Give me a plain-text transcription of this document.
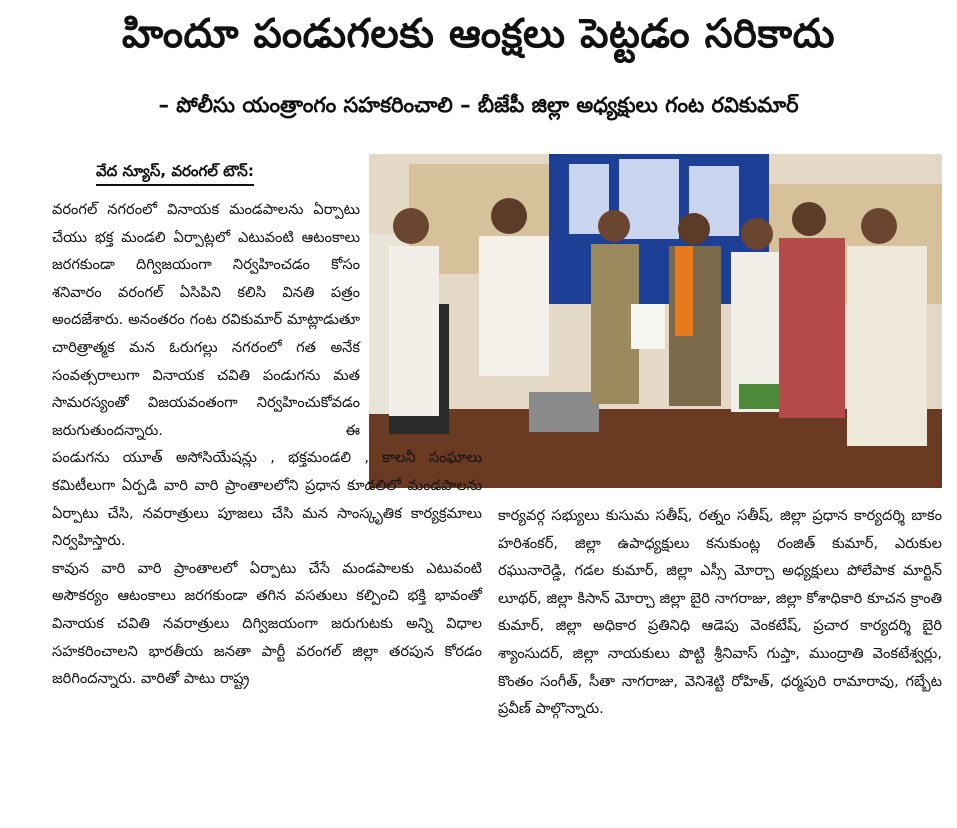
హిందూ పండుగలకు ఆంక్షలు పెట్టడం సరికాదు
– పోలీసు యంత్రాంగం సహకరించాలి – బీజేపీ జిల్లా అధ్యక్షులు గంట రవికుమార్
వేద న్యూస్, వరంగల్ టౌన్:

వరంగల్ నగరంలో వినాయక మండపాలను ఏర్పాటు చేయు భక్త మండలి ఏర్పాట్లలో ఎటువంటి ఆటంకాలు జరగకుండా దిగ్విజయంగా నిర్వహించడం కోసం శనివారం వరంగల్ ఏసిపిని కలిసి వినతి పత్రం అందజేశారు. అనంతరం గంట రవికుమార్ మాట్లాడుతూ చారిత్రాత్మక మన ఓరుగల్లు నగరంలో గత అనేక సంవత్సరాలుగా వినాయక చవితి పండుగను మత సామరస్యంతో విజయవంతంగా నిర్వహించుకోవడం జరుగుతుందన్నారు. ఈ

పండుగను యూత్ అసోసియేషన్లు , భక్తమండలి , కాలనీ సంఘాలు కమిటీలుగా ఏర్పడి వారి వారి ప్రాంతాలలోని ప్రధాన కూడలిలో మండపాలను ఏర్పాటు చేసి, నవరాత్రులు పూజలు చేసి మన సాంస్కృతిక కార్యక్రమాలు నిర్వహిస్తారు.

కావున వారి వారి ప్రాంతాలలో ఏర్పాటు చేసే మండపాలకు ఎటువంటి అసౌకర్యం ఆటంకాలు జరగకుండా తగిన వసతులు కల్పించి భక్తి భావంతో వినాయక చవితి నవరాత్రులు దిగ్విజయంగా జరుగుటకు అన్ని విధాల సహకరించాలని భారతీయ జనతా పార్టీ వరంగల్ జిల్లా తరపున కోరడం జరిగిందన్నారు. వారితో పాటు రాష్ట్ర

కార్యవర్గ సభ్యులు కుసుమ సతీష్, రత్నం సతీష్, జిల్లా ప్రధాన కార్యదర్శి బాకం హరిశంకర్, జిల్లా ఉపాధ్యక్షులు కనుకుంట్ల రంజిత్ కుమార్, ఎరుకుల రఘునారెడ్డి, గడల కుమార్, జిల్లా ఎస్సీ మోర్చా అధ్యక్షులు పోలేపాక మార్టిన్ లూథర్, జిల్లా కిసాన్ మోర్చా జిల్లా బైరి నాగరాజు, జిల్లా కోశాధికారి కూచన క్రాంతి కుమార్, జిల్లా అధికార ప్రతినిధి ఆడెపు వెంకటేష్, ప్రచార కార్యదర్శి బైరి శ్యాంసుదర్, జిల్లా నాయకులు పొట్టి శ్రీనివాస్ గుప్తా, ముంద్రాతి వెంకటేశ్వర్లు, కొంతం సంగీత్, సీతా నాగరాజు, వెనిశెట్టి రోహిత్, ధర్మపురి రామారావు, గబ్బేట ప్రవీణ్ పాల్గొన్నారు.
